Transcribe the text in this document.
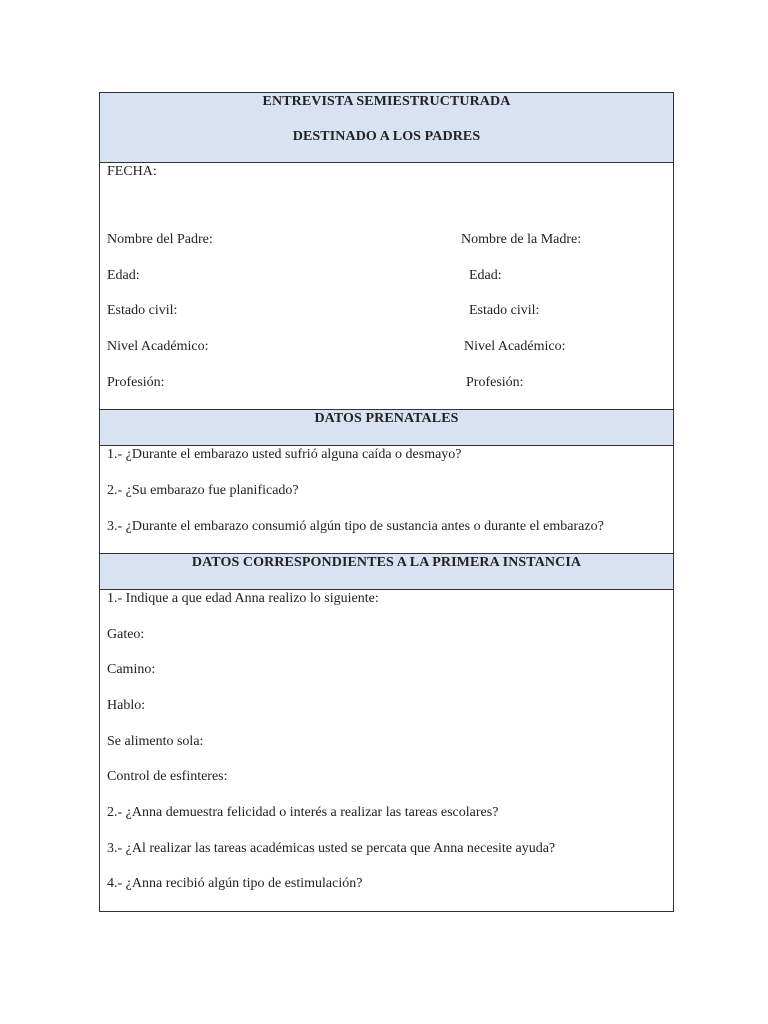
ENTREVISTA SEMIESTRUCTURADA
DESTINADO A LOS PADRES

FECHA:
Nombre del Padre:	Nombre de la Madre:
Edad:	Edad:
Estado civil:	Estado civil:
Nivel Académico:	Nivel Académico:
Profesión:	Profesión:

DATOS PRENATALES

1.- ¿Durante el embarazo usted sufrió alguna caída o desmayo?
2.- ¿Su embarazo fue planificado?
3.- ¿Durante el embarazo consumió algún tipo de sustancia antes o durante el embarazo?

DATOS CORRESPONDIENTES A LA PRIMERA INSTANCIA

1.- Indique a que edad Anna realizo lo siguiente:
Gateo:
Camino:
Hablo:
Se alimento sola:
Control de esfinteres:
2.- ¿Anna demuestra felicidad o interés a realizar las tareas escolares?
3.- ¿Al realizar las tareas académicas usted se percata que Anna necesite ayuda?
4.- ¿Anna recibió algún tipo de estimulación?
